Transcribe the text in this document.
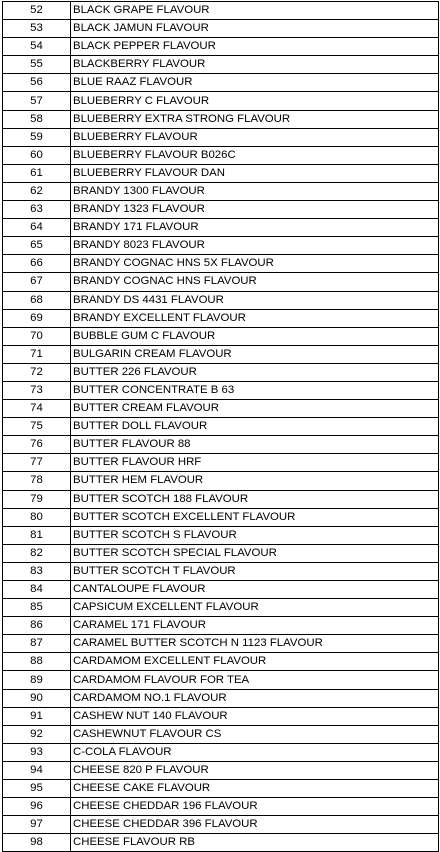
52	BLACK GRAPE FLAVOUR
53	BLACK JAMUN FLAVOUR
54	BLACK PEPPER FLAVOUR
55	BLACKBERRY FLAVOUR
56	BLUE RAAZ FLAVOUR
57	BLUEBERRY C FLAVOUR
58	BLUEBERRY EXTRA STRONG FLAVOUR
59	BLUEBERRY FLAVOUR
60	BLUEBERRY FLAVOUR B026C
61	BLUEBERRY FLAVOUR DAN
62	BRANDY 1300 FLAVOUR
63	BRANDY 1323 FLAVOUR
64	BRANDY 171 FLAVOUR
65	BRANDY 8023 FLAVOUR
66	BRANDY COGNAC HNS 5X FLAVOUR
67	BRANDY COGNAC HNS FLAVOUR
68	BRANDY DS 4431 FLAVOUR
69	BRANDY EXCELLENT FLAVOUR
70	BUBBLE GUM C FLAVOUR
71	BULGARIN CREAM FLAVOUR
72	BUTTER 226 FLAVOUR
73	BUTTER CONCENTRATE B 63
74	BUTTER CREAM FLAVOUR
75	BUTTER DOLL FLAVOUR
76	BUTTER FLAVOUR 88
77	BUTTER FLAVOUR HRF
78	BUTTER HEM FLAVOUR
79	BUTTER SCOTCH 188 FLAVOUR
80	BUTTER SCOTCH EXCELLENT FLAVOUR
81	BUTTER SCOTCH S FLAVOUR
82	BUTTER SCOTCH SPECIAL FLAVOUR
83	BUTTER SCOTCH T FLAVOUR
84	CANTALOUPE FLAVOUR
85	CAPSICUM EXCELLENT FLAVOUR
86	CARAMEL 171 FLAVOUR
87	CARAMEL BUTTER SCOTCH N 1123 FLAVOUR
88	CARDAMOM EXCELLENT FLAVOUR
89	CARDAMOM FLAVOUR FOR TEA
90	CARDAMOM NO.1 FLAVOUR
91	CASHEW NUT 140 FLAVOUR
92	CASHEWNUT FLAVOUR CS
93	C-COLA FLAVOUR
94	CHEESE 820 P FLAVOUR
95	CHEESE CAKE FLAVOUR
96	CHEESE CHEDDAR 196 FLAVOUR
97	CHEESE CHEDDAR 396 FLAVOUR
98	CHEESE FLAVOUR RB
